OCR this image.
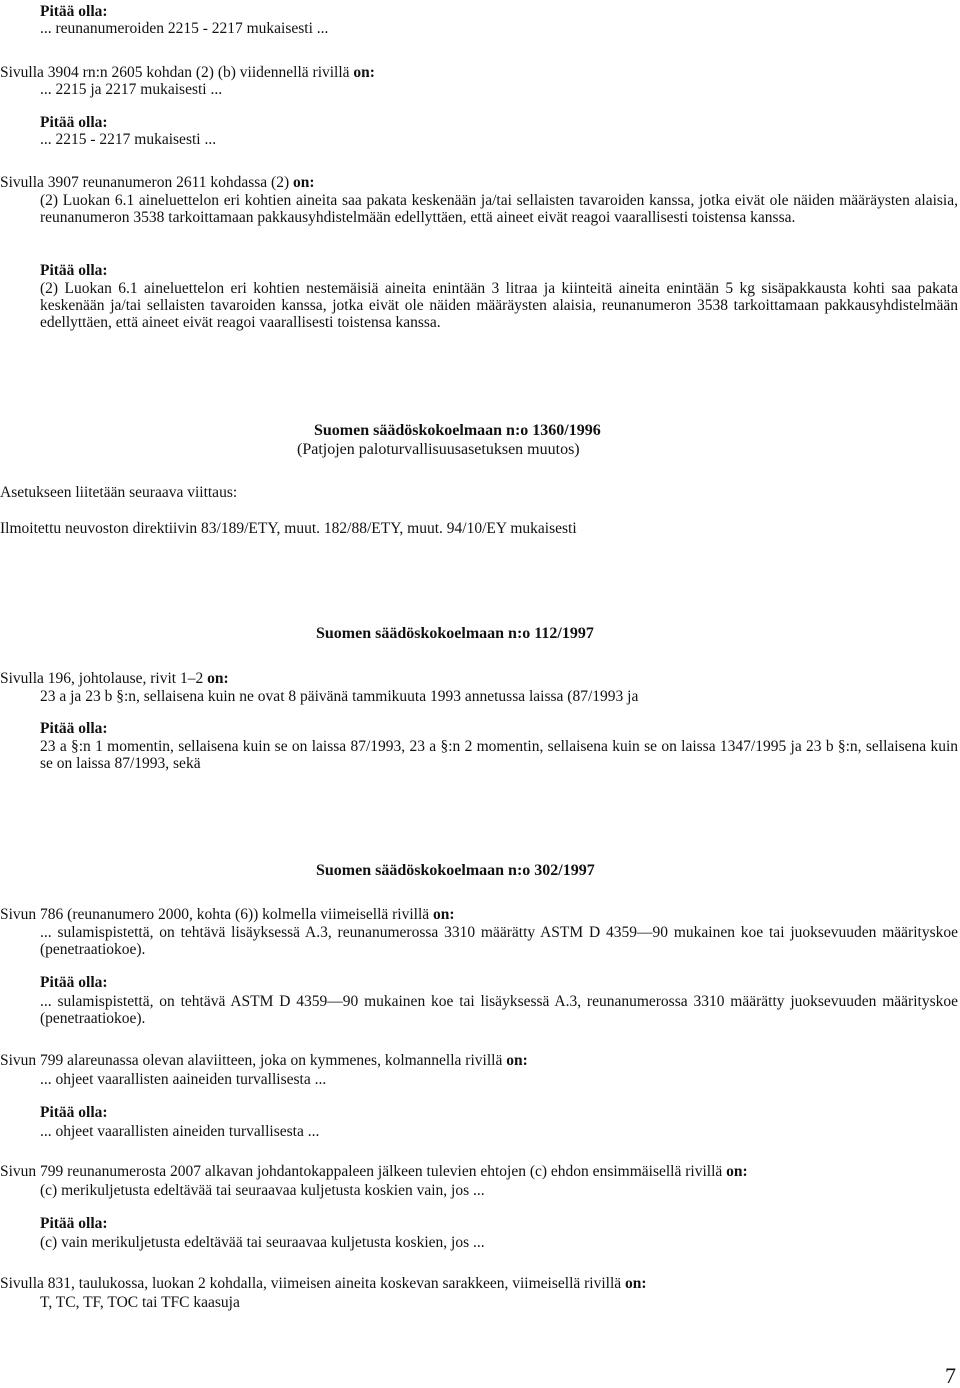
Pitää olla:
... reunanumeroiden 2215 - 2217 mukaisesti ...
Sivulla 3904 rn:n 2605 kohdan (2) (b) viidennellä rivillä on:
... 2215 ja 2217 mukaisesti ...
Pitää olla:
... 2215 - 2217 mukaisesti ...
Sivulla 3907 reunanumeron 2611 kohdassa (2) on:
(2) Luokan 6.1 aineluettelon eri kohtien aineita saa pakata keskenään ja/tai sellaisten tavaroiden kanssa, jotka eivät ole näiden määräysten alaisia, reunanumeron 3538 tarkoittamaan pakkausyhdistelmään edellyttäen, että aineet eivät reagoi vaarallisesti toistensa kanssa.
Pitää olla:
(2) Luokan 6.1 aineluettelon eri kohtien nestemäisiä aineita enintään 3 litraa ja kiinteitä aineita enintään 5 kg sisäpakkausta kohti saa pakata keskenään ja/tai sellaisten tavaroiden kanssa, jotka eivät ole näiden määräysten alaisia, reunanumeron 3538 tarkoittamaan pakkausyhdistelmään edellyttäen, että aineet eivät reagoi vaarallisesti toistensa kanssa.
Suomen säädöskokoelmaan n:o 1360/1996
(Patjojen paloturvallisuusasetuksen muutos)
Asetukseen liitetään seuraava viittaus:
Ilmoitettu neuvoston direktiivin 83/189/ETY, muut. 182/88/ETY, muut. 94/10/EY mukaisesti
Suomen säädöskokoelmaan n:o 112/1997
Sivulla 196, johtolause, rivit 1–2 on:
23 a ja 23 b §:n, sellaisena kuin ne ovat 8 päivänä tammikuuta 1993 annetussa laissa (87/1993 ja
Pitää olla:
23 a §:n 1 momentin, sellaisena kuin se on laissa 87/1993, 23 a §:n 2 momentin, sellaisena kuin se on laissa 1347/1995 ja 23 b §:n, sellaisena kuin se on laissa 87/1993, sekä
Suomen säädöskokoelmaan n:o 302/1997
Sivun 786 (reunanumero 2000, kohta (6)) kolmella viimeisellä rivillä on:
... sulamispistettä, on tehtävä lisäyksessä A.3, reunanumerossa 3310 määrätty ASTM D 4359—90 mukainen koe tai juoksevuuden määrityskoe (penetraatiokoe).
Pitää olla:
... sulamispistettä, on tehtävä ASTM D 4359—90 mukainen koe tai lisäyksessä A.3, reunanumerossa 3310 määrätty juoksevuuden määrityskoe (penetraatiokoe).
Sivun 799 alareunassa olevan alaviitteen, joka on kymmenes, kolmannella rivillä on:
... ohjeet vaarallisten aaineiden turvallisesta ...
Pitää olla:
... ohjeet vaarallisten aineiden turvallisesta ...
Sivun 799 reunanumerosta 2007 alkavan johdantokappaleen jälkeen tulevien ehtojen (c) ehdon ensimmäisellä rivillä on:
(c) merikuljetusta edeltävää tai seuraavaa kuljetusta koskien vain, jos ...
Pitää olla:
(c) vain merikuljetusta edeltävää tai seuraavaa kuljetusta koskien, jos ...
Sivulla 831, taulukossa, luokan 2 kohdalla, viimeisen aineita koskevan sarakkeen, viimeisellä rivillä on:
T, TC, TF, TOC tai TFC kaasuja
7
